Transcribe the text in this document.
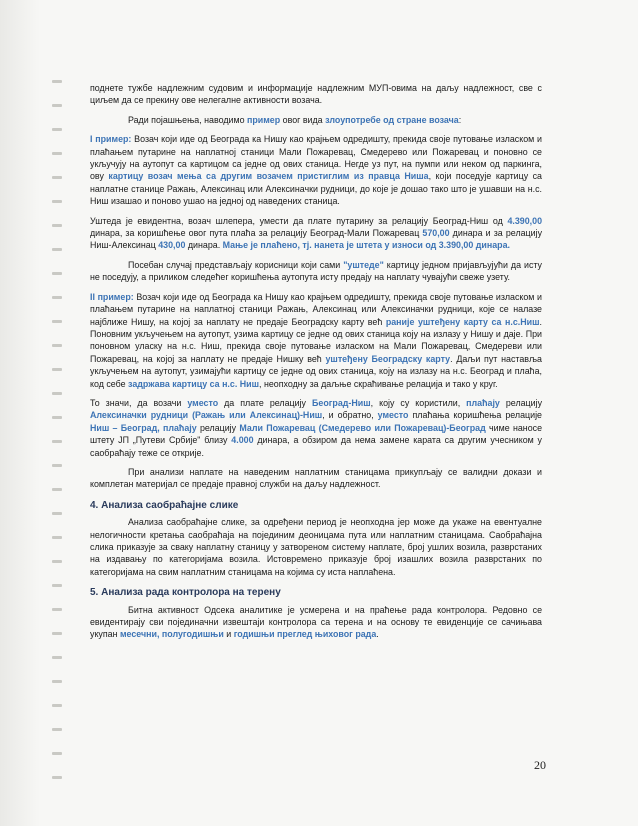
поднете тужбе надлежним судовим и информације надлежним МУП-овима на даљу надлежност, све с циљем да се прекину ове нелегалне активности возача.

Ради појашњења, наводимо пример овог вида злоупотребе од стране возача:

I пример: Возач који иде од Београда ка Нишу као крајњем одредишту, прекида своје путовање изласком и плаћањем путарине на наплатној станици Мали Пожаревац, Смедерево или Пожаревац и поновно се укључују на аутопут са картицом са једне од ових станица. Негде уз пут, на пумпи или неком од паркинга, ову картицу возач мења са другим возачем пристиглим из правца Ниша, који поседује картицу са наплатне станице Ражањ, Алексинац или Алексиначки рудници, до које је дошао тако што је ушавши на н.с. Ниш изашао и поново ушао на једној од наведених станица.

Уштеда је евидентна, возач шлепера, умести да плате путарину за релацију Београд-Ниш од 4.390,00 динара, за коришћење овог пута плаћа за релацију Београд-Мали Пожаревац 570,00 динара и за релацију Ниш-Алексинац 430,00 динара. Мање је плаћено, тј. нанета је штета у износи од 3.390,00 динара.

Посебан случај представљају корисници који сами "уштеде" картицу једном пријављујући да исту не поседују, а приликом следећег коришћења аутопута исту предају на наплату чувајући свеже узету.

II пример: Возач који иде од Београда ка Нишу као крајњем одредишту, прекида своје путовање изласком и плаћањем путарине на наплатној станици Ражањ, Алексинац или Алексиначки рудници, које се налазе најближе Нишу, на којој за наплату не предаје Београдску карту већ раније уштеђену карту са н.с.Ниш. Поновним укључењем на аутопут, узима картицу се једне од ових станица коју на излазу у Нишу и даје. При поновном уласку на н.с. Ниш, прекида своје путовање изласком на Мали Пожаревац, Смедереви или Пожаревац, на којој за наплату не предаје Нишку већ уштеђену Београдску карту. Даљи пут наставља укључењем на аутопут, узимајући картицу се једне од ових станица, коју на излазу на н.с. Београд и плаћа, код себе задржава картицу са н.с. Ниш, неопходну за даљње скраћивање релација и тако у круг.

То значи, да возачи уместо да плате релацију Београд-Ниш, коју су користили, плаћају релацију Алексиначки рудници (Ражањ или Алексинац)-Ниш, и обратно, уместо плаћања коришћења релације Ниш – Београд, плаћају релацију Мали Пожаревац (Смедерево или Пожаревац)-Београд чиме наносе штету ЈП „Путеви Србије" близу 4.000 динара, а обзиром да нема замене карата са другим учесником у саобраћају теже се открије.

При анализи наплате на наведеним наплатним станицама прикупљају се валидни докази и комплетан материјал се предаје правној служби на даљу надлежност.

4. Анализа саобраћајне слике

Анализа саобраћајне слике, за одређени период је неопходна јер може да укаже на евентуалне нелогичности кретања саобраћаја на појединим деоницама пута или наплатним станицама. Саобраћајна слика приказује за сваку наплатну станицу у затвореном систему наплате, број ушлих возила, разврстаних на издавању по категоријама возила. Истовремено приказује број изашлих возила разврстаних по категоријама на свим наплатним станицама на којима су иста наплаћена.

5. Анализа рада контролора на терену

Битна активност Одсека аналитике је усмерена и на праћење рада контролора. Редовно се евидентирају сви појединачни извештаји контролора са терена и на основу те евиденције се сачињава укупан месечни, полугодишњи и годишњи преглед њиховог рада.

20
